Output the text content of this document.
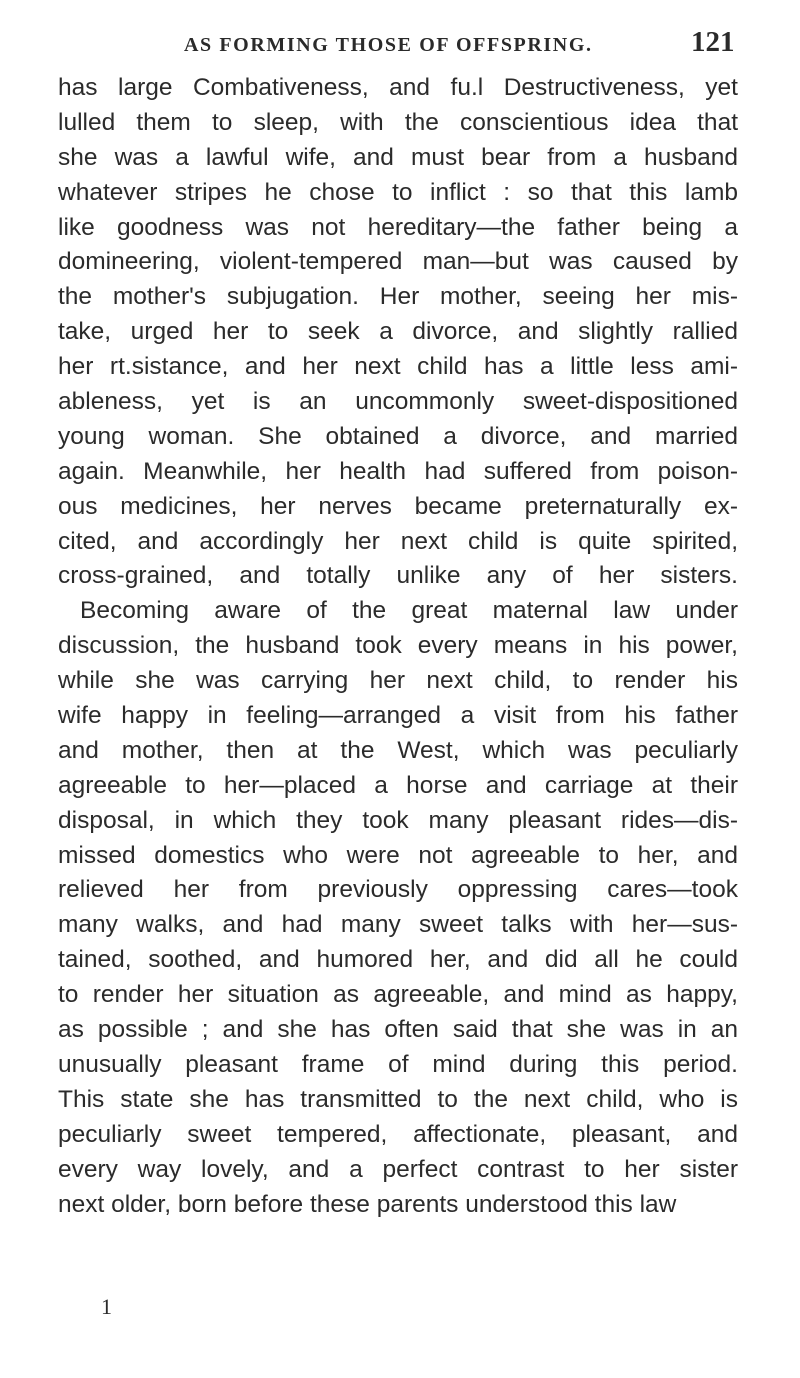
AS FORMING THOSE OF OFFSPRING.	121
has large Combativeness, and fu.l Destructiveness, yet
lulled them to sleep, with the conscientious idea that
she was a lawful wife, and must bear from a husband
whatever stripes he chose to inflict : so that this lamb
like goodness was not hereditary—the father being a
domineering, violent-tempered man—but was caused by
the mother's subjugation. Her mother, seeing her mis-
take, urged her to seek a divorce, and slightly rallied
her rt.sistance, and her next child has a little less ami-
ableness, yet is an uncommonly sweet-dispositioned
young woman. She obtained a divorce, and married
again. Meanwhile, her health had suffered from poison-
ous medicines, her nerves became preternaturally ex-
cited, and accordingly her next child is quite spirited,
cross-grained, and totally unlike any of her sisters.
Becoming aware of the great maternal law under
discussion, the husband took every means in his power,
while she was carrying her next child, to render his
wife happy in feeling—arranged a visit from his father
and mother, then at the West, which was peculiarly
agreeable to her—placed a horse and carriage at their
disposal, in which they took many pleasant rides—dis-
missed domestics who were not agreeable to her, and
relieved her from previously oppressing cares—took
many walks, and had many sweet talks with her—sus-
tained, soothed, and humored her, and did all he could
to render her situation as agreeable, and mind as happy,
as possible ; and she has often said that she was in an
unusually pleasant frame of mind during this period.
This state she has transmitted to the next child, who is
peculiarly sweet tempered, affectionate, pleasant, and
every way lovely, and a perfect contrast to her sister
next older, born before these parents understood this law
1
